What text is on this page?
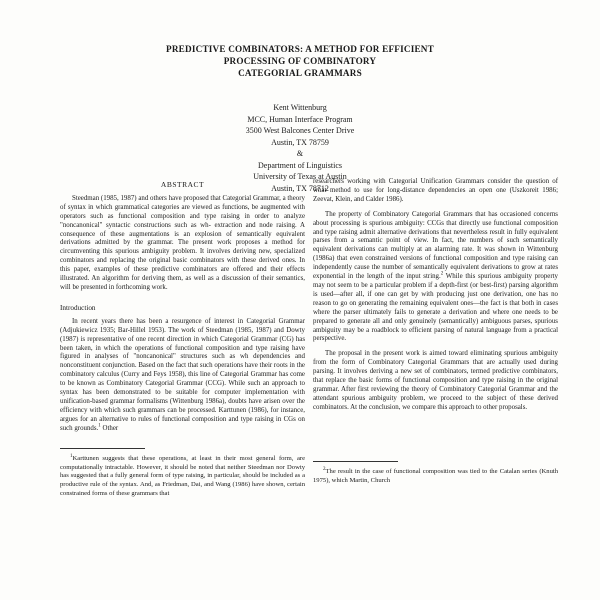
PREDICTIVE COMBINATORS: A METHOD FOR EFFICIENT
PROCESSING OF COMBINATORY
CATEGORIAL GRAMMARS
Kent Wittenburg
MCC, Human Interface Program
3500 West Balcones Center Drive
Austin, TX 78759
&
Department of Linguistics
University of Texas at Austin
Austin, TX 78712
ABSTRACT

Steedman (1985, 1987) and others have proposed that Categorial Grammar, a theory of syntax in which grammatical categories are viewed as functions, be augmented with operators such as functional composition and type raising in order to analyze "noncanonical" syntactic constructions such as wh- extraction and node raising. A consequence of these augmentations is an explosion of semantically equivalent derivations admitted by the grammar. The present work proposes a method for circumventing this spurious ambiguity problem. It involves deriving new, specialized combinators and replacing the original basic combinators with these derived ones. In this paper, examples of these predictive combinators are offered and their effects illustrated. An algorithm for deriving them, as well as a discussion of their semantics, will be presented in forthcoming work.

Introduction

In recent years there has been a resurgence of interest in Categorial Grammar (Adjukiewicz 1935; Bar-Hillel 1953). The work of Steedman (1985, 1987) and Dowty (1987) is representative of one recent direction in which Categorial Grammar (CG) has been taken, in which the operations of functional composition and type raising have figured in analyses of "noncanonical" structures such as wh dependencies and nonconstituent conjunction. Based on the fact that such operations have their roots in the combinatory calculus (Curry and Feys 1958), this line of Categorial Grammar has come to be known as Combinatory Categorial Grammar (CCG). While such an approach to syntax has been demonstrated to be suitable for computer implementation with unification-based grammar formalisms (Wittenburg 1986a), doubts have arisen over the efficiency with which such grammars can be processed. Karttunen (1986), for instance, argues for an alternative to rules of functional composition and type raising in CGs on such grounds.$^1$ Other

$^1$Karttunen suggests that these operations, at least in their most general form, are computationally intractable. However, it should be noted that neither Steedman nor Dowty has suggested that a fully general form of type raising, in particular, should be included as a productive rule of the syntax. And, as Friedman, Dai, and Wang (1986) have shown, certain constrained forms of these grammars that

researchers working with Categorial Unification Grammars consider the question of what method to use for long-distance dependencies an open one (Uszkoreit 1986; Zeevat, Klein, and Calder 1986).

The property of Combinatory Categorial Grammars that has occasioned concerns about processing is spurious ambiguity: CCGs that directly use functional composition and type raising admit alternative derivations that nevertheless result in fully equivalent parses from a semantic point of view. In fact, the numbers of such semantically equivalent derivations can multiply at an alarming rate. It was shown in Wittenburg (1986a) that even constrained versions of functional composition and type raising can independently cause the number of semantically equivalent derivations to grow at rates exponential in the length of the input string.$^2$ While this spurious ambiguity property may not seem to be a particular problem if a depth-first (or best-first) parsing algorithm is used—after all, if one can get by with producing just one derivation, one has no reason to go on generating the remaining equivalent ones—the fact is that both in cases where the parser ultimately fails to generate a derivation and where one needs to be prepared to generate all and only genuinely (semantically) ambiguous parses, spurious ambiguity may be a roadblock to efficient parsing of natural language from a practical perspective.

The proposal in the present work is aimed toward eliminating spurious ambiguity from the form of Combinatory Categorial Grammars that are actually used during parsing. It involves deriving a new set of combinators, termed predictive combinators, that replace the basic forms of functional composition and type raising in the original grammar. After first reviewing the theory of Combinatory Categorial Grammar and the attendant spurious ambiguity problem, we proceed to the subject of these derived combinators. At the conclusion, we compare this approach to other proposals.

$^2$The result in the case of functional composition was tied to the Catalan series (Knuth 1975), which Martin, Church
